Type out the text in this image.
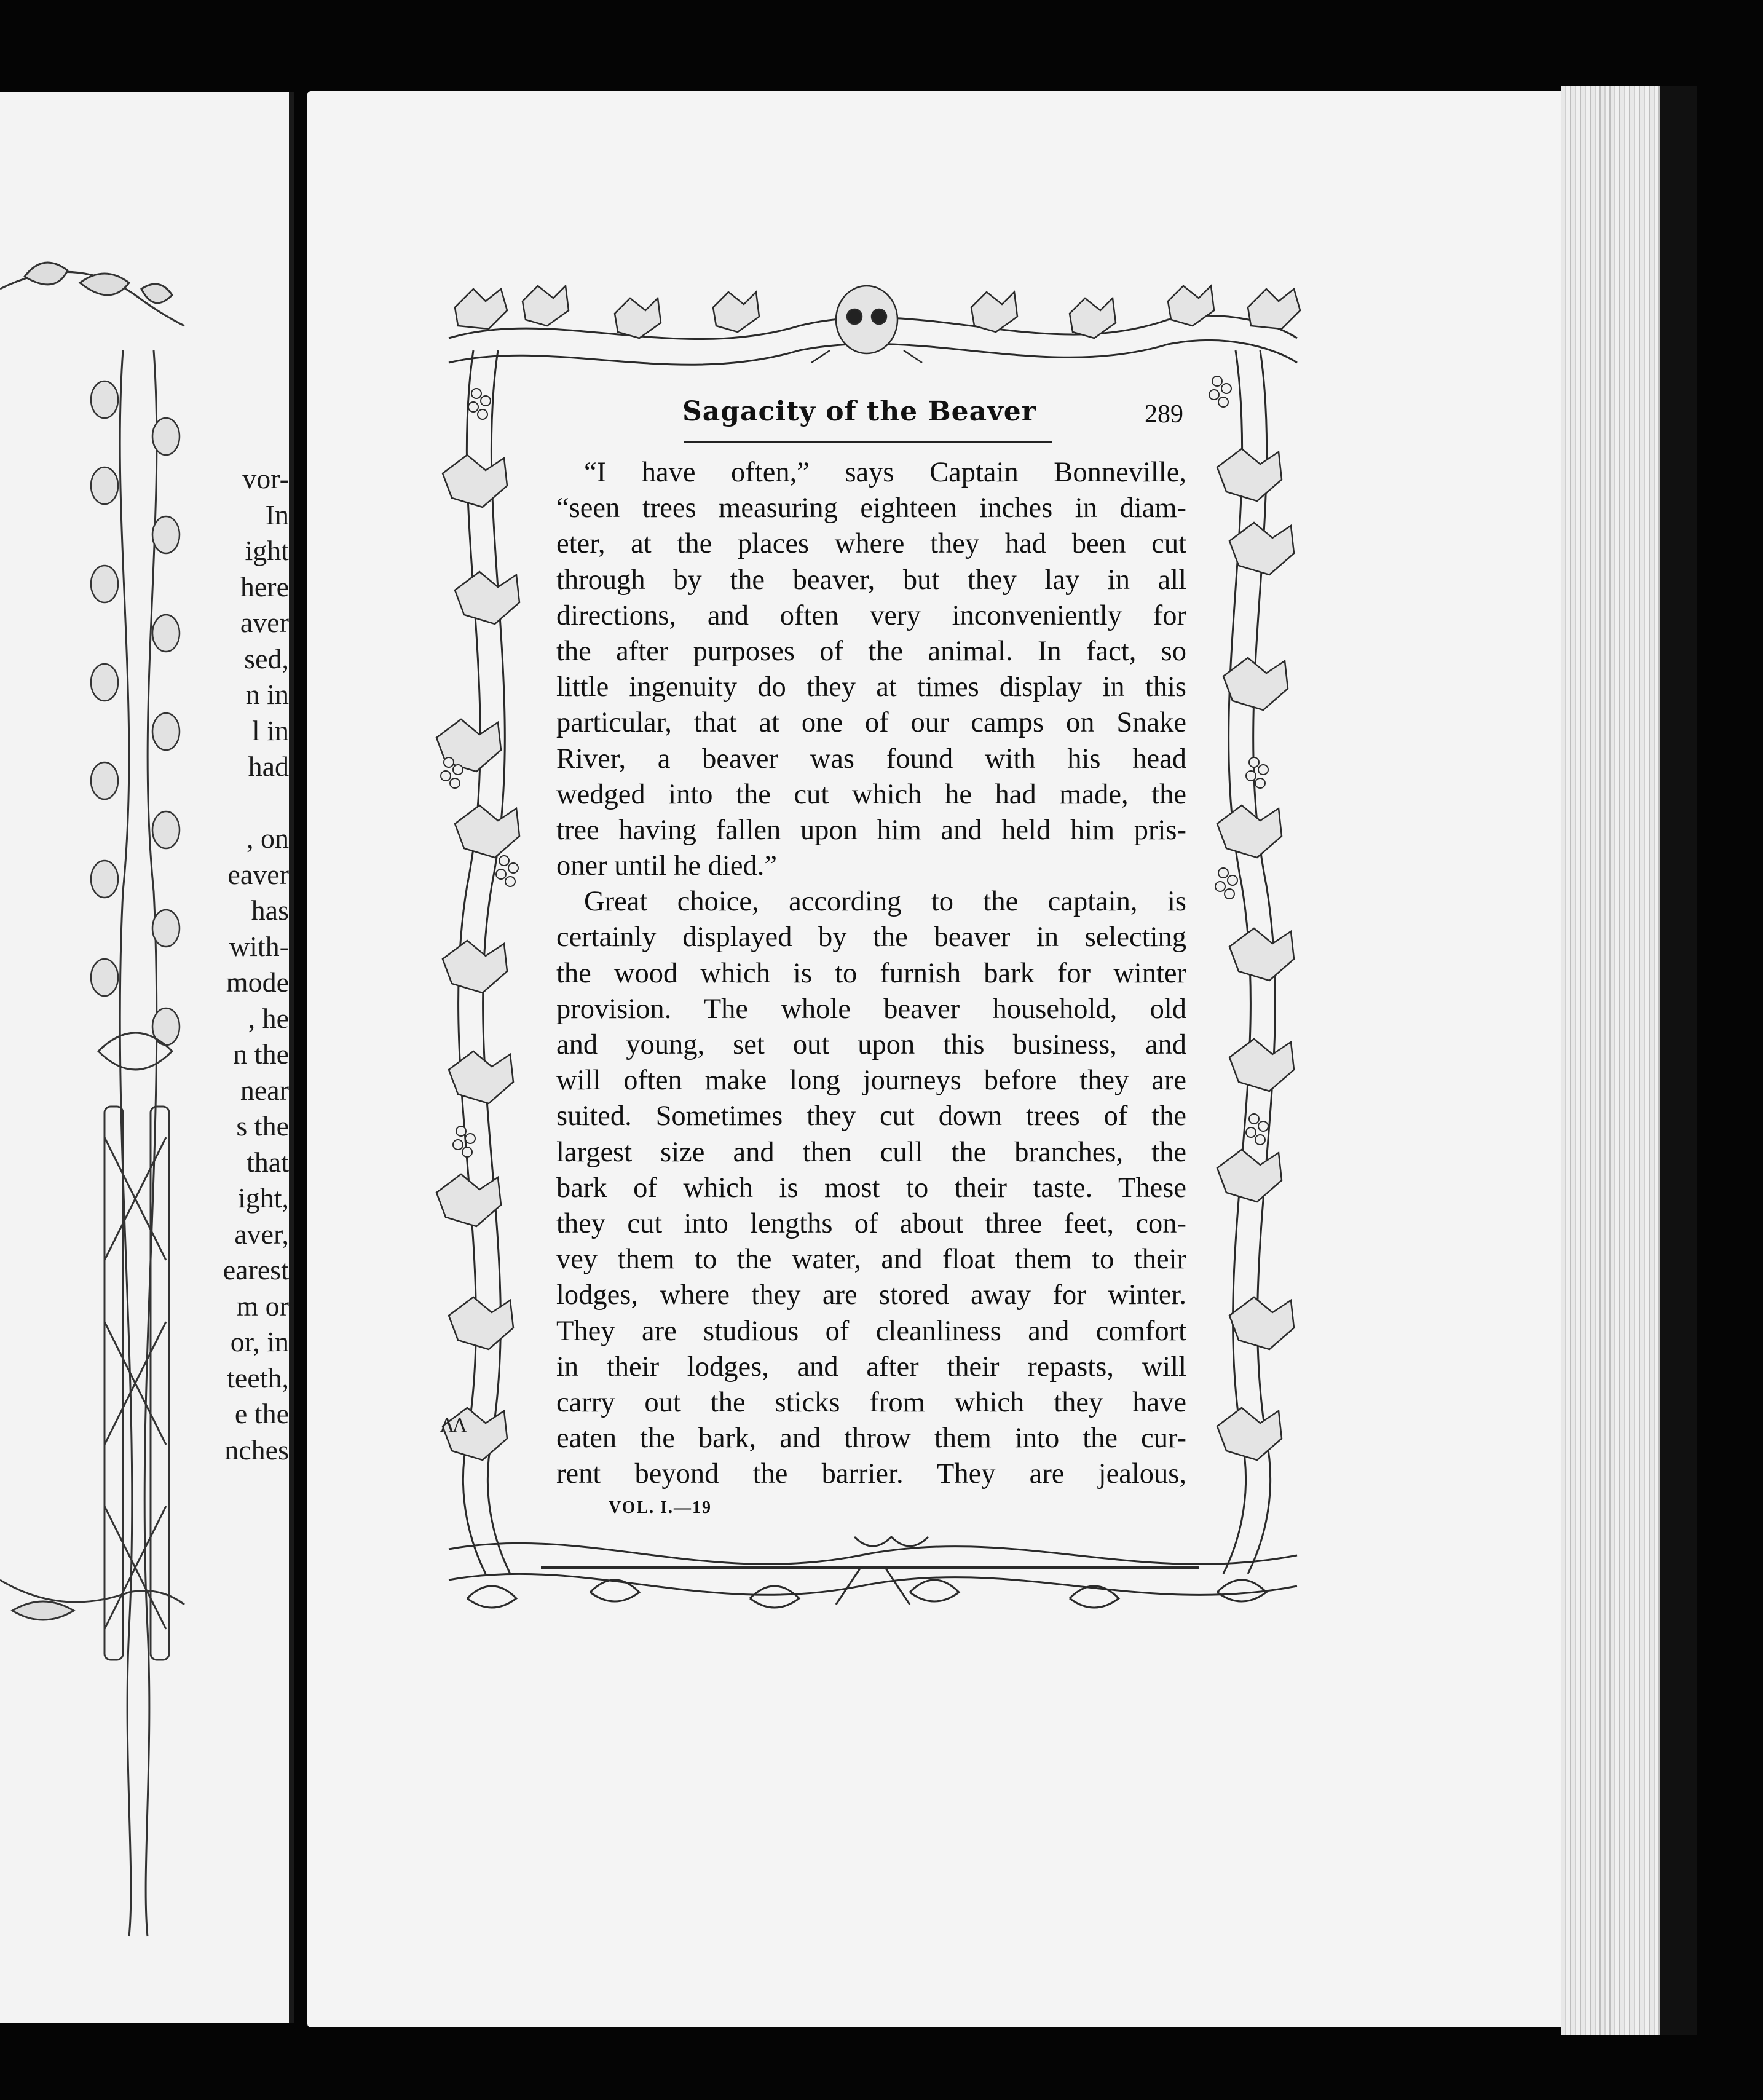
vor-
In
ight
here
aver
sed,
n in
l in
had

, on
eaver
has
with-
mode
, he
n the
near
s the
that
ight,
aver,
earest
m or
or, in
teeth,
e the
nches
Sagacity of the Beaver	289
“I have often,” says Captain Bonneville,
“seen trees measuring eighteen inches in diam-
eter, at the places where they had been cut
through by the beaver, but they lay in all
directions, and often very inconveniently for
the after purposes of the animal. In fact, so
little ingenuity do they at times display in this
particular, that at one of our camps on Snake
River, a beaver was found with his head
wedged into the cut which he had made, the
tree having fallen upon him and held him pris-
oner until he died.”
Great choice, according to the captain, is
certainly displayed by the beaver in selecting
the wood which is to furnish bark for winter
provision. The whole beaver household, old
and young, set out upon this business, and
will often make long journeys before they are
suited. Sometimes they cut down trees of the
largest size and then cull the branches, the
bark of which is most to their taste. These
they cut into lengths of about three feet, con-
vey them to the water, and float them to their
lodges, where they are stored away for winter.
They are studious of cleanliness and comfort
in their lodges, and after their repasts, will
carry out the sticks from which they have
eaten the bark, and throw them into the cur-
rent beyond the barrier. They are jealous,
VOL. I.—19
ΛΛ
